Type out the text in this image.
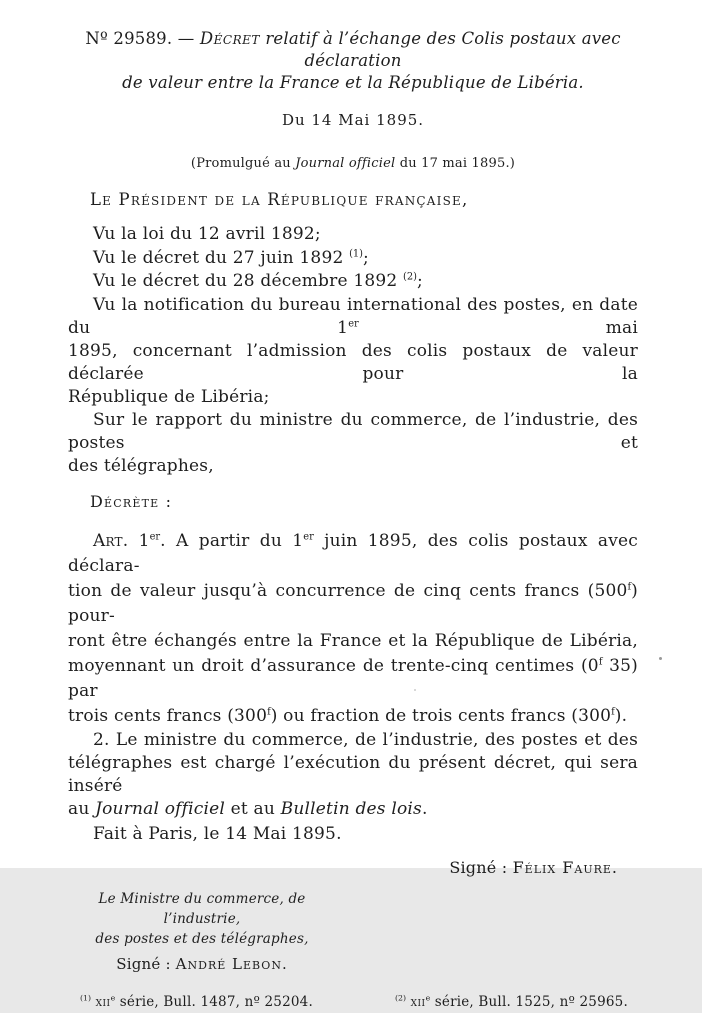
Nº 29589. — Décret relatif à l’échange des Colis postaux avec déclaration
de valeur entre la France et la République de Libéria.
Du 14 Mai 1895.
(Promulgué au Journal officiel du 17 mai 1895.)
Le Président de la République française,
Vu la loi du 12 avril 1892;
Vu le décret du 27 juin 1892 $^{(1)}$;
Vu le décret du 28 décembre 1892 $^{(2)}$;
Vu la notification du bureau international des postes, en date du 1er mai
1895, concernant l’admission des colis postaux de valeur déclarée pour la
République de Libéria;
Sur le rapport du ministre du commerce, de l’industrie, des postes et
des télégraphes,
Décrète :
Art. 1er. A partir du 1er juin 1895, des colis postaux avec déclara-
tion de valeur jusqu’à concurrence de cinq cents francs (500$^f$) pour-
ront être échangés entre la France et la République de Libéria,
moyennant un droit d’assurance de trente-cinq centimes (0$^f$ 35) par
trois cents francs (300$^f$) ou fraction de trois cents francs (300$^f$).
2. Le ministre du commerce, de l’industrie, des postes et des
télégraphes est chargé l’exécution du présent décret, qui sera inséré
au Journal officiel et au Bulletin des lois.
Fait à Paris, le 14 Mai 1895.
Signé : Félix Faure.
Le Ministre du commerce, de l’industrie,
des postes et des télégraphes,
Signé : André Lebon.
$^{(1)}$ xii$^e$ série, Bull. 1487, nº 25204.	$^{(2)}$ xii$^e$ série, Bull. 1525, nº 25965.
